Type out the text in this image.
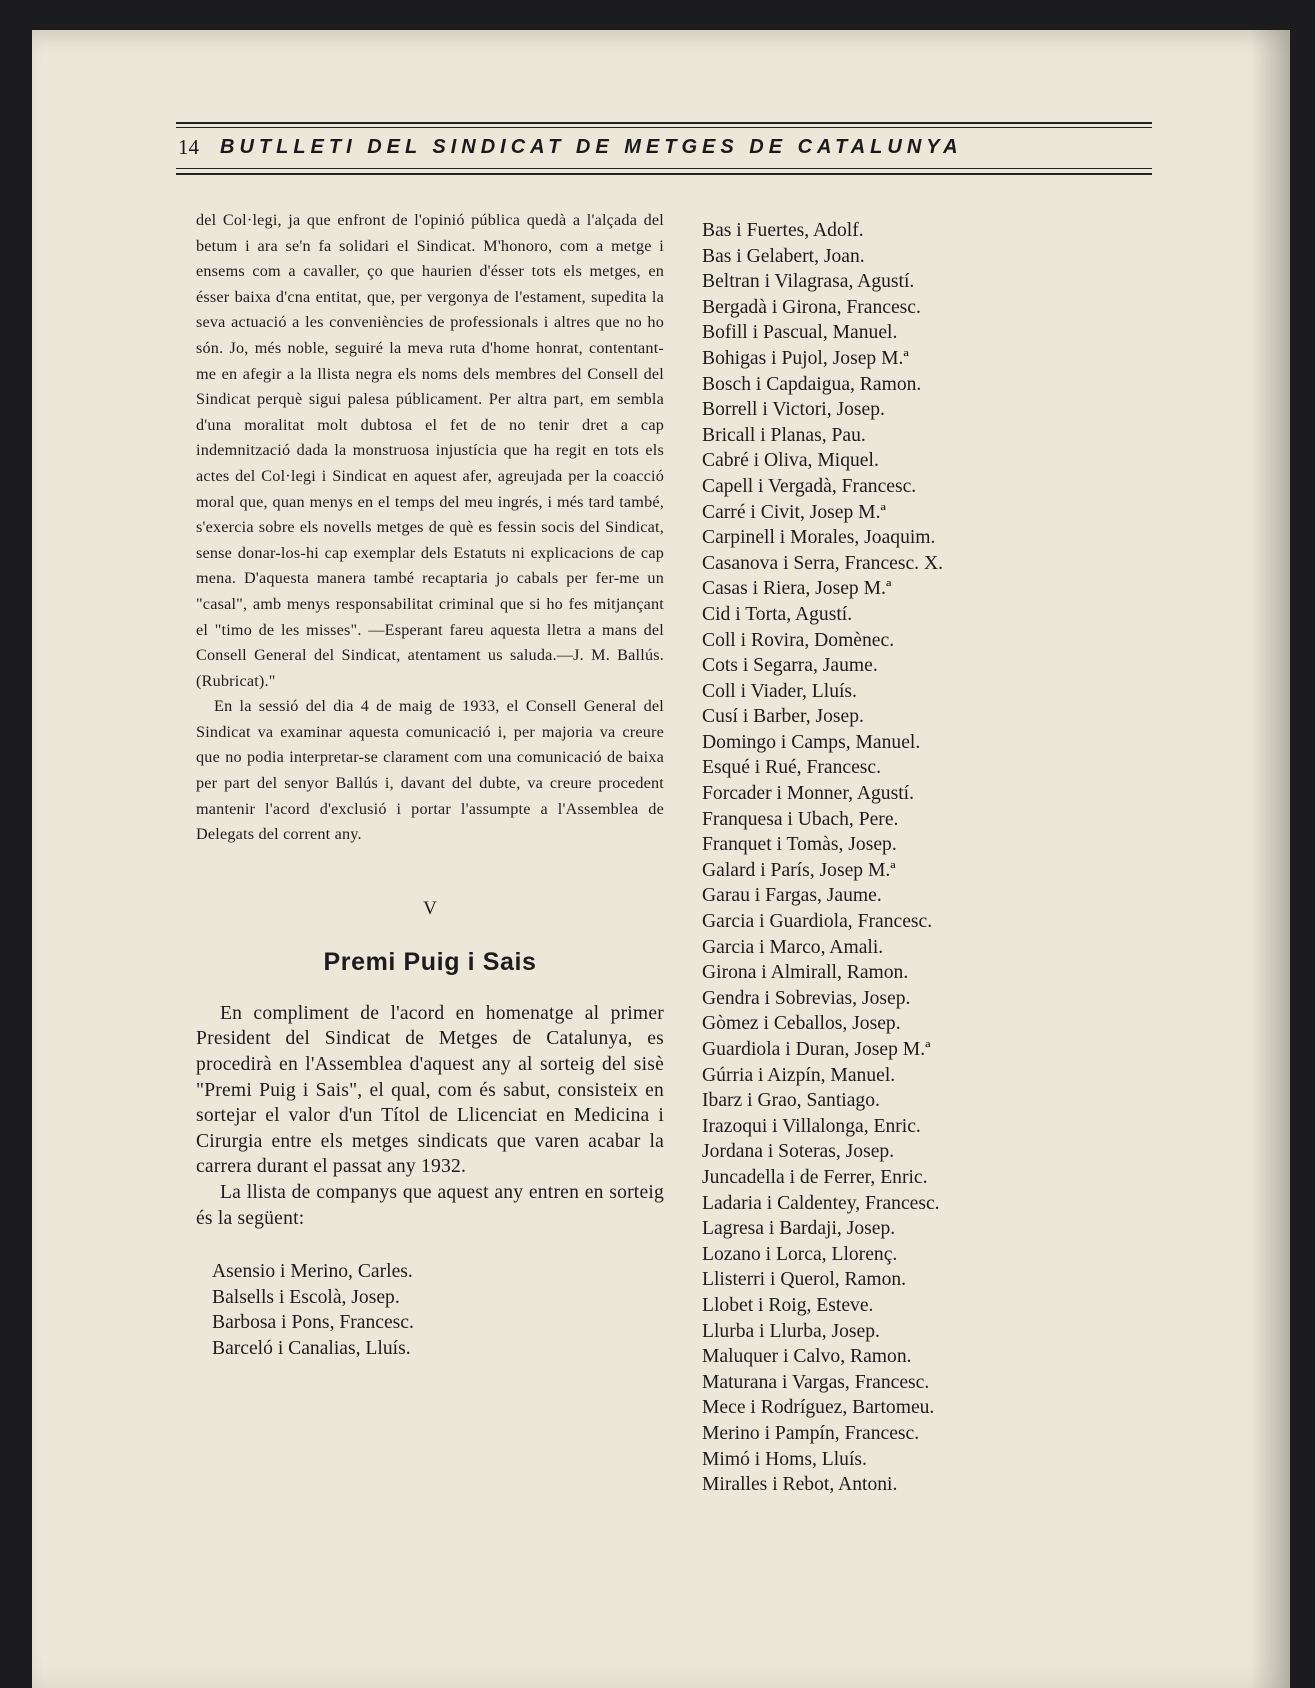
14	BUTLLETI DEL SINDICAT DE METGES DE CATALUNYA

del Col·legi, ja que enfront de l'opinió pública quedà a l'alçada del betum i ara se'n fa solidari el Sindicat. M'honoro, com a metge i ensems com a cavaller, ço que haurien d'ésser tots els metges, en ésser baixa d'cna entitat, que, per vergonya de l'estament, supedita la seva actuació a les conveniències de professionals i altres que no ho són. Jo, més noble, seguiré la meva ruta d'home honrat, contentant-me en afegir a la llista negra els noms dels membres del Consell del Sindicat perquè sigui palesa públicament. Per altra part, em sembla d'una moralitat molt dubtosa el fet de no tenir dret a cap indemnització dada la monstruosa injustícia que ha regit en tots els actes del Col·legi i Sindicat en aquest afer, agreujada per la coacció moral que, quan menys en el temps del meu ingrés, i més tard també, s'exercia sobre els novells metges de què es fessin socis del Sindicat, sense donar-los-hi cap exemplar dels Estatuts ni explicacions de cap mena. D'aquesta manera també recaptaria jo cabals per fer-me un "casal", amb menys responsabilitat criminal que si ho fes mitjançant el "timo de les misses". —Esperant fareu aquesta lletra a mans del Consell General del Sindicat, atentament us saluda.—J. M. Ballús. (Rubricat)."

En la sessió del dia 4 de maig de 1933, el Consell General del Sindicat va examinar aquesta comunicació i, per majoria va creure que no podia interpretar-se clarament com una comunicació de baixa per part del senyor Ballús i, davant del dubte, va creure procedent mantenir l'acord d'exclusió i portar l'assumpte a l'Assemblea de Delegats del corrent any.

V
Premi Puig i Sais

En compliment de l'acord en homenatge al primer President del Sindicat de Metges de Catalunya, es procedirà en l'Assemblea d'aquest any al sorteig del sisè "Premi Puig i Sais", el qual, com és sabut, consisteix en sortejar el valor d'un Títol de Llicenciat en Medicina i Cirurgia entre els metges sindicats que varen acabar la carrera durant el passat any 1932.

La llista de companys que aquest any entren en sorteig és la següent:

Asensio i Merino, Carles.
Balsells i Escolà, Josep.
Barbosa i Pons, Francesc.
Barceló i Canalias, Lluís.
Bas i Fuertes, Adolf.
Bas i Gelabert, Joan.
Beltran i Vilagrasa, Agustí.
Bergadà i Girona, Francesc.
Bofill i Pascual, Manuel.
Bohigas i Pujol, Josep M.ª
Bosch i Capdaigua, Ramon.
Borrell i Victori, Josep.
Bricall i Planas, Pau.
Cabré i Oliva, Miquel.
Capell i Vergadà, Francesc.
Carré i Civit, Josep M.ª
Carpinell i Morales, Joaquim.
Casanova i Serra, Francesc. X.
Casas i Riera, Josep M.ª
Cid i Torta, Agustí.
Coll i Rovira, Domènec.
Cots i Segarra, Jaume.
Coll i Viader, Lluís.
Cusí i Barber, Josep.
Domingo i Camps, Manuel.
Esqué i Rué, Francesc.
Forcader i Monner, Agustí.
Franquesa i Ubach, Pere.
Franquet i Tomàs, Josep.
Galard i París, Josep M.ª
Garau i Fargas, Jaume.
Garcia i Guardiola, Francesc.
Garcia i Marco, Amali.
Girona i Almirall, Ramon.
Gendra i Sobrevias, Josep.
Gòmez i Ceballos, Josep.
Guardiola i Duran, Josep M.ª
Gúrria i Aizpín, Manuel.
Ibarz i Grao, Santiago.
Irazoqui i Villalonga, Enric.
Jordana i Soteras, Josep.
Juncadella i de Ferrer, Enric.
Ladaria i Caldentey, Francesc.
Lagresa i Bardaji, Josep.
Lozano i Lorca, Llorenç.
Llisterri i Querol, Ramon.
Llobet i Roig, Esteve.
Llurba i Llurba, Josep.
Maluquer i Calvo, Ramon.
Maturana i Vargas, Francesc.
Mece i Rodríguez, Bartomeu.
Merino i Pampín, Francesc.
Mimó i Homs, Lluís.
Miralles i Rebot, Antoni.
